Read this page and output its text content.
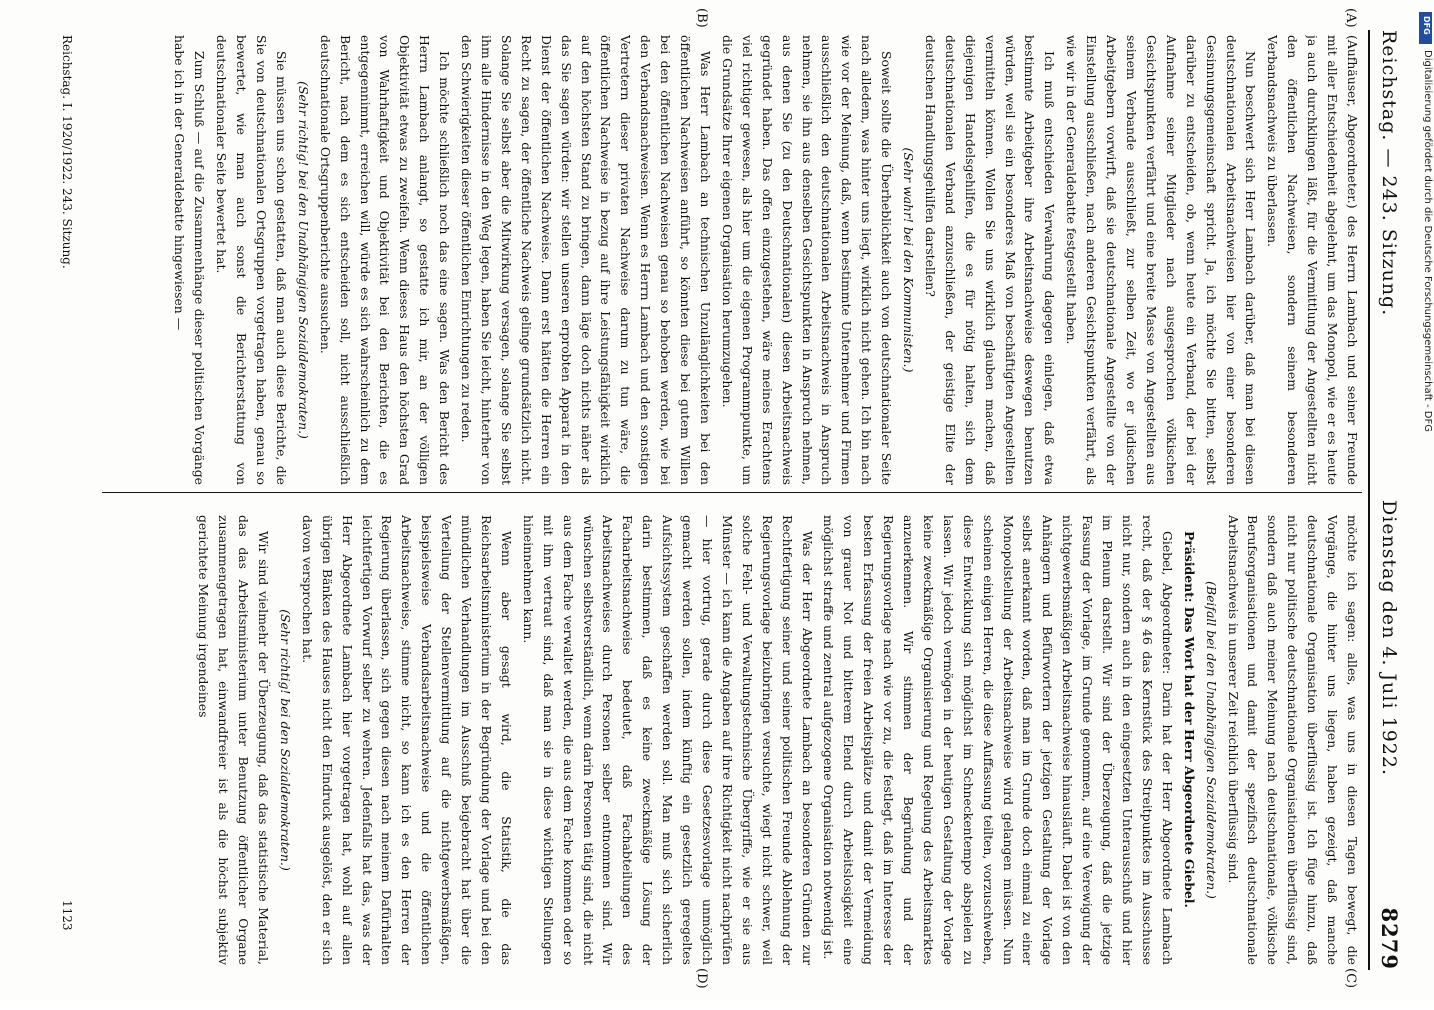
Reichstag. — 243. Sitzung.
Dienstag den 4. Juli 1922.
8279
(A)
(B)
(C)
(D)

(Aufhäuser, Abgeordneter.) des Herrn Lambach und seiner Freunde mit aller Entschiedenheit abgelehnt, um das Monopol, wie er es heute ja auch durchklingen läßt, für die Vermittlung der Angestellten nicht den öffentlichen Nachweisen, sondern seinem besonderen Verbandsnachweis zu überlassen.

Nun beschwert sich Herr Lambach darüber, daß man bei diesen deutschnationalen Arbeitsnachweisen hier von einer besonderen Gesinnungsgemeinschaft spricht. Ja, ich möchte Sie bitten, selbst darüber zu entscheiden, ob, wenn heute ein Verband, der bei der Aufnahme seiner Mitglieder nach ausgesprochen völkischen Gesichtspunkten verfährt und eine breite Masse von Angestellten aus seinem Verbande ausschließt, zur selben Zeit, wo er jüdischen Arbeitgebern vorwirft, daß sie deutschnationale Angestellte von der Einstellung ausschließen, nach anderen Gesichtspunkten verfährt, als wie wir in der Generaldebatte festgestellt haben.

Ich muß entschieden Verwahrung dagegen einlegen, daß etwa bestimmte Arbeitgeber ihre Arbeitsnachweise deswegen benutzen würden, weil sie ein besonderes Maß von beschäftigten Angestellten vermitteln können. Wollen Sie uns wirklich glauben machen, daß diejenigen Handelsgehilfen, die es für nötig halten, sich dem deutschnationalen Verband anzuschließen, der geistige Elite der deutschen Handlungsgehilfen darstellen?

(Sehr wahr! bei den Kommunisten.)

Soweit sollte die Überheblichkeit auch von deutschnationaler Seite nach alledem, was hinter uns liegt, wirklich nicht gehen. Ich bin nach wie vor der Meinung, daß, wenn bestimmte Unternehmer und Firmen ausschließlich den deutschnationalen Arbeitsnachweis in Anspruch nehmen, sie ihn aus denselben Gesichtspunkten in Anspruch nehmen, aus denen Sie (zu den Deutschnationalen) diesen Arbeitsnachweis gegründet haben. Das offen einzugestehen, wäre meines Erachtens viel richtiger gewesen, als hier um die eigenen Programmpunkte, um die Grundsätze Ihrer eigenen Organisation herumzugehen.

Was Herr Lambach an technischen Unzulänglichkeiten bei den öffentlichen Nachweisen anführt, so könnten diese bei gutem Willen bei den öffentlichen Nachweisen genau so behoben werden, wie bei den Verbandsnachweisen. Wenn es Herrn Lambach und den sonstigen Vertretern dieser privaten Nachweise darum zu tun wäre, die öffentlichen Nachweise in bezug auf ihre Leistungsfähigkeit wirklich auf den höchsten Stand zu bringen, dann läge doch nichts näher als das Sie sagen würden: wir stellen unseren erprobten Apparat in den Dienst der öffentlichen Nachweise. Dann erst hätten die Herren ein Recht zu sagen, der öffentliche Nachweis gelinge grundsätzlich nicht. Solange Sie selbst aber die Mitwirkung versagen, solange Sie selbst ihm alle Hindernisse in den Weg legen, haben Sie leicht, hinterher von den Schwierigkeiten dieser öffentlichen Einrichtungen zu reden.

Ich möchte schließlich noch das eine sagen. Was den Bericht des Herrn Lambach anlangt, so gestatte ich mir, an der völligen Objektivität etwas zu zweifeln. Wenn dieses Haus den höchsten Grad von Wahrhaftigkeit und Objektivität bei den Berichten, die es entgegennimmt, erreichen will, würde es sich wahrscheinlich zu dem Bericht, nach dem es sich entscheiden soll, nicht ausschließlich deutschnationale Ortsgruppenberichte aussuchen.

(Sehr richtig! bei den Unabhängigen Sozialdemokraten.)

Sie müssen uns schon gestatten, daß man auch diese Berichte, die Sie von deutschnationalen Ortsgruppen vorgetragen haben, genau so bewertet, wie man auch sonst die Berichterstattung von deutschnationaler Seite bewertet hat.

Zum Schluß — auf die Zusammenhänge dieser politischen Vorgänge habe ich in der Generaldebatte hingewiesen —

möchte ich sagen: alles, was uns in diesen Tagen bewegt, die Vorgänge, die hinter uns liegen, haben gezeigt, daß manche deutschnationale Organisation überflüssig ist. Ich füge hinzu, daß nicht nur politische deutschnationale Organisationen überflüssig sind, sondern daß auch meiner Meinung nach deutschnationale, völkische Berufsorganisationen und damit der spezifisch deutschnationale Arbeitsnachweis in unserer Zeit reichlich überflüssig sind.

(Beifall bei den Unabhängigen Sozialdemokraten.)

Präsident: Das Wort hat der Herr Abgeordnete Giebel.

Giebel, Abgeordneter: Darin hat der Herr Abgeordnete Lambach recht, daß der § 46 das Kernstück des Streitpunktes im Ausschusse nicht nur, sondern auch in den eingesetzten Unterausschuß und hier im Plenum darstellt. Wir sind der Überzeugung, daß die jetzige Fassung der Vorlage, im Grunde genommen, auf eine Verewigung der nichtgewerbsmäßigen Arbeitsnachweise hinausläuft. Dabei ist von den Anhängern und Befürwortern der jetzigen Gestaltung der Vorlage selbst anerkannt worden, daß man im Grunde doch einmal zu einer Monopolstellung der Arbeitsnachweise wird gelangen müssen. Nun scheinen einigen Herren, die diese Auffassung teilten, vorzuschweben, diese Entwicklung sich möglichst im Schneckentempo abspielen zu lassen. Wir jedoch vermögen in der heutigen Gestaltung der Vorlage keine zweckmäßige Organisierung und Regelung des Arbeitsmarktes anzuerkennen. Wir stimmen der Begründung und der Regierungsvorlage nach wie vor zu, die festlegt, daß im Interesse der besten Erfassung der freien Arbeitsplätze und damit der Vermeidung von grauer Not und bitterem Elend durch Arbeitslosigkeit eine möglichst straffe und zentral aufgezogene Organisation notwendig ist.

Was der Herr Abgeordnete Lambach an besonderen Gründen zur Rechtfertigung seiner und seiner politischen Freunde Ablehnung der Regierungsvorlage beizubringen versuchte, wiegt nicht schwer, weil solche Fehl- und Verwaltungstechnische Übergriffe, wie er sie aus Münster — ich kann die Angaben auf ihre Richtigkeit nicht nachprüfen — hier vortrug, gerade durch diese Gesetzesvorlage unmöglich gemacht werden sollen, indem künftig ein gesetzlich geregeltes Aufsichtssystem geschaffen werden soll. Man muß sich sicherlich darin bestimmen, daß es keine zweckmäßige Lösung der Facharbeitsnachweise bedeutet, daß Fachabteilungen des Arbeitsnachweises durch Personen selber entnommen sind. Wir wünschen selbstverständlich, wenn darin Personen tätig sind, die nicht aus dem Fache verwaltet werden, die aus dem Fache kommen oder so mit ihm vertraut sind, daß man sie in diese wichtigen Stellungen hineinnehmen kann.

Wenn aber gesagt wird, die Statistik, die das Reichsarbeitsministerium in der Begründung der Vorlage und bei den mündlichen Verhandlungen im Ausschuß beigebracht hat über die Verteilung der Stellenvermittlung auf die nichtgewerbsmäßigen, beispielsweise Verbandsarbeitsnachweise und die öffentlichen Arbeitsnachweise, stimme nicht, so kann ich es den Herren der Regierung überlassen, sich gegen diesen nach meinem Dafürhalten leichtfertigen Vorwurf selber zu wehren. Jedenfalls hat das, was der Herr Abgeordnete Lambach hier vorgetragen hat, wohl auf allen übrigen Bänken des Hauses nicht den Eindruck ausgelöst, den er sich davon versprochen hat.

(Sehr richtig! bei den Sozialdemokraten.)

Wir sind vielmehr der Überzeugung, daß das statistische Material, das das Arbeitsministerium unter Benutzung öffentlicher Organe zusammengetragen hat, einwandfreier ist als die höchst subjektiv gerichtete Meinung irgendeines

Reichstag. I. 1920/1922. 243. Sitzung.
1123
DFG
Digitalisierung gefördert durch die Deutsche Forschungsgemeinschaft - DFG
